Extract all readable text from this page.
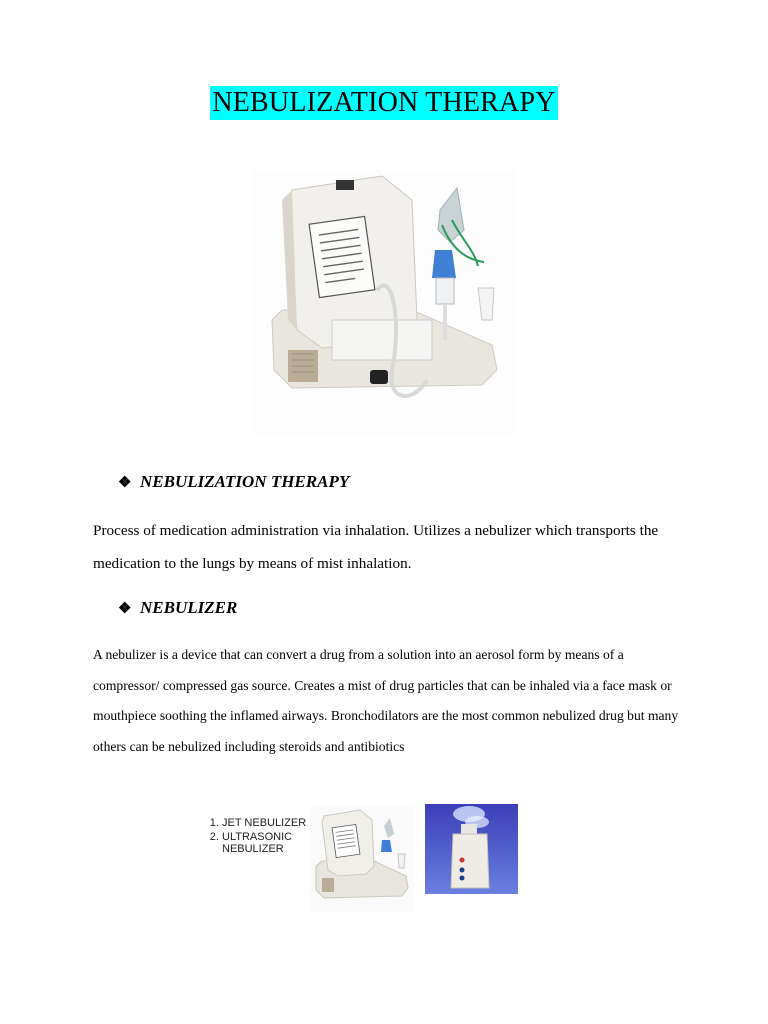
NEBULIZATION THERAPY
❖ NEBULIZATION THERAPY
Process of medication administration via inhalation. Utilizes a nebulizer which transports the medication to the lungs by means of mist inhalation.
❖ NEBULIZER
A nebulizer is a device that can convert a drug from a solution into an aerosol form by means of a compressor/ compressed gas source. Creates a mist of drug particles that can be inhaled via a face mask or mouthpiece soothing the inflamed airways. Bronchodilators are the most common nebulized drug but many others can be nebulized including steroids and antibiotics
1. JET NEBULIZER
2. ULTRASONIC NEBULIZER
